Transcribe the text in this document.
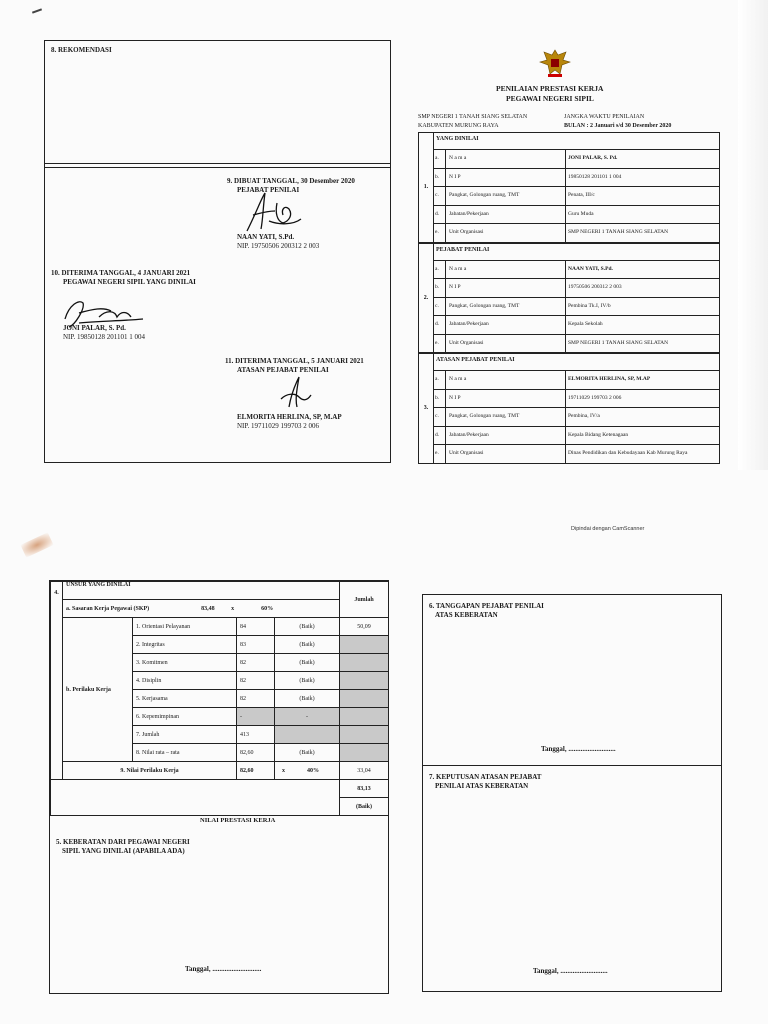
8. REKOMENDASI
9. DIBUAT TANGGAL, 30 Desember 2020
PEJABAT PENILAI
NAAN YATI, S.Pd.
NIP. 19750506 200312 2 003
10. DITERIMA TANGGAL, 4 JANUARI 2021
PEGAWAI NEGERI SIPIL YANG DINILAI
JONI PALAR, S. Pd.
NIP. 19850128 201101 1 004
11. DITERIMA TANGGAL, 5 JANUARI 2021
ATASAN PEJABAT PENILAI
ELMORITA HERLINA, SP, M.AP
NIP. 19711029 199703 2 006
PENILAIAN PRESTASI KERJA
PEGAWAI NEGERI SIPIL
SMP NEGERI 1 TANAH SIANG SELATAN
KABUPATEN MURUNG RAYA
JANGKA WAKTU PENILAIAN
BULAN : 2 Januari s/d 30 Desember 2020
1.
YANG DINILAI
a.	N a m a	JONI PALAR, S. Pd.
b.	N I P	19850128 201101 1 004
c.	Pangkat, Golongan ruang, TMT	Penata, III/c
d.	Jabatan/Pekerjaan	Guru Muda
e.	Unit Organisasi	SMP NEGERI 1 TANAH SIANG SELATAN
2.
PEJABAT PENILAI
a.	N a m a	NAAN YATI, S.Pd.
b.	N I P	19750506 200312 2 003
c.	Pangkat, Golongan ruang, TMT	Pembina Tk.I, IV/b
d.	Jabatan/Pekerjaan	Kepala Sekolah
e.	Unit Organisasi	SMP NEGERI 1 TANAH SIANG SELATAN
3.
ATASAN PEJABAT PENILAI
a.	N a m a	ELMORITA HERLINA, SP, M.AP
b.	N I P	19711029 199703 2 006
c.	Pangkat, Golongan ruang, TMT	Pembina, IV/a
d.	Jabatan/Pekerjaan	Kepala Bidang Ketenagaan
e.	Unit Organisasi	Dinas Pendidikan dan Kebudayaan Kab Murung Raya
Dipindai dengan CamScanner
4.	UNSUR YANG DINILAI				Jumlah
	a. Sasaran Kerja Pegawai (SKP) 83,48 x 60%				

	b. Perilaku Kerja	1. Orientasi Pelayanan	84	(Baik)	50,09
		2. Integritas	83	(Baik)	
		3. Komitmen	82	(Baik)	
		4. Disiplin	82	(Baik)	
		5. Kerjasama	82	(Baik)	
		6. Kepemimpinan	-	-	
		7. Jumlah	413		
		8. Nilai rata – rata	82,60	(Baik)	
	9. Nilai Perilaku Kerja		82,60	x 40%	33,04
					83,13
					(Baik)
NILAI PRESTASI KERJA
5. KEBERATAN DARI PEGAWAI NEGERI
SIPIL YANG DINILAI (APABILA ADA)
Tanggal, ............................
6. TANGGAPAN PEJABAT PENILAI
ATAS KEBERATAN
Tanggal, ...........................
7. KEPUTUSAN ATASAN PEJABAT
PENILAI ATAS KEBERATAN
Tanggal, ...........................
